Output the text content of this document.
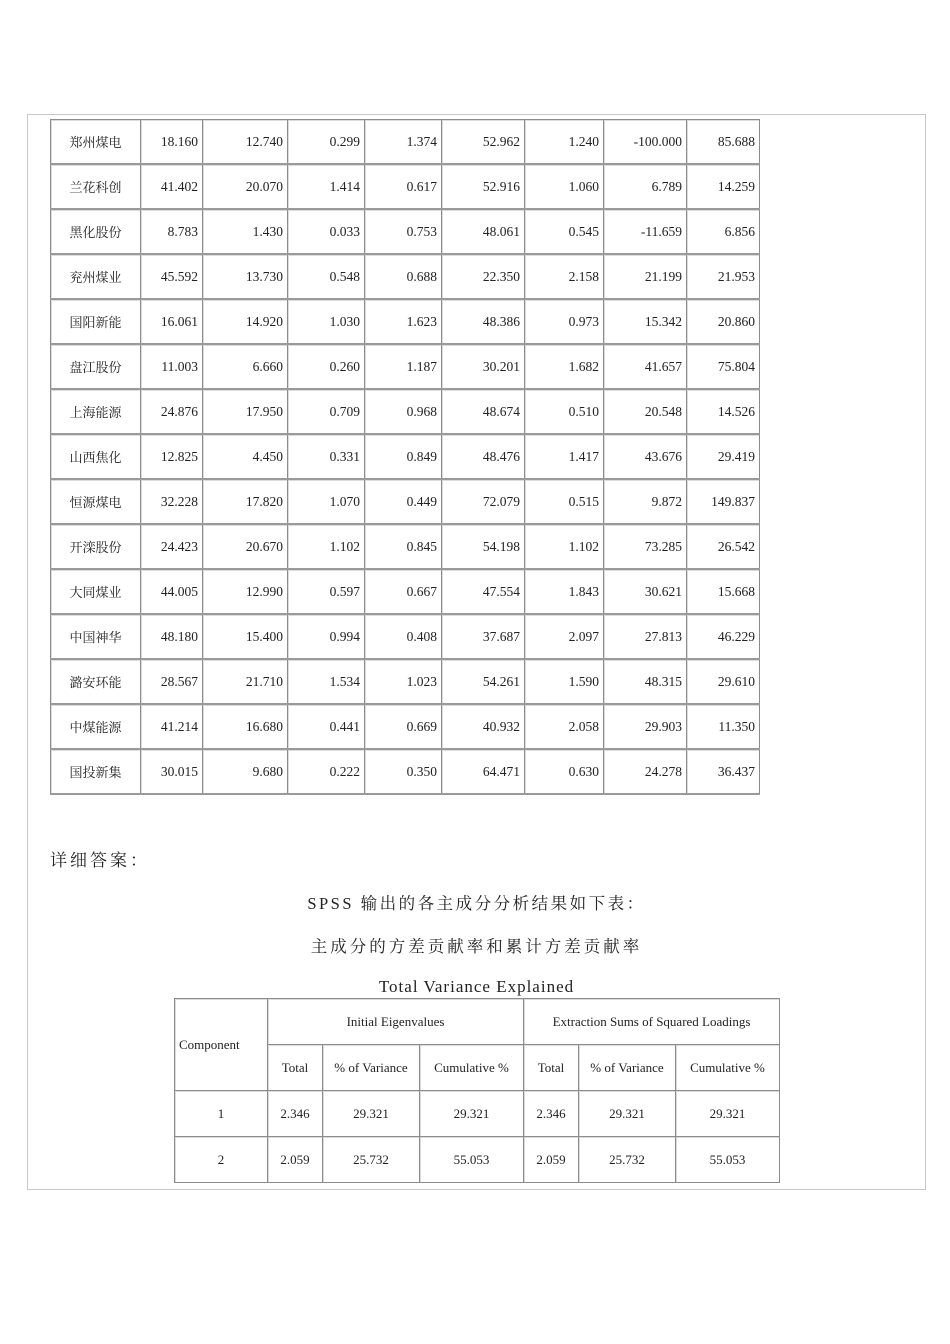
郑州煤电	18.160	12.740	0.299	1.374	52.962	1.240	-100.000	85.688
兰花科创	41.402	20.070	1.414	0.617	52.916	1.060	6.789	14.259
黑化股份	8.783	1.430	0.033	0.753	48.061	0.545	-11.659	6.856
兖州煤业	45.592	13.730	0.548	0.688	22.350	2.158	21.199	21.953
国阳新能	16.061	14.920	1.030	1.623	48.386	0.973	15.342	20.860
盘江股份	11.003	6.660	0.260	1.187	30.201	1.682	41.657	75.804
上海能源	24.876	17.950	0.709	0.968	48.674	0.510	20.548	14.526
山西焦化	12.825	4.450	0.331	0.849	48.476	1.417	43.676	29.419
恒源煤电	32.228	17.820	1.070	0.449	72.079	0.515	9.872	149.837
开滦股份	24.423	20.670	1.102	0.845	54.198	1.102	73.285	26.542
大同煤业	44.005	12.990	0.597	0.667	47.554	1.843	30.621	15.668
中国神华	48.180	15.400	0.994	0.408	37.687	2.097	27.813	46.229
潞安环能	28.567	21.710	1.534	1.023	54.261	1.590	48.315	29.610
中煤能源	41.214	16.680	0.441	0.669	40.932	2.058	29.903	11.350
国投新集	30.015	9.680	0.222	0.350	64.471	0.630	24.278	36.437
详细答案：
SPSS 输出的各主成分分析结果如下表：
主成分的方差贡献率和累计方差贡献率
Total Variance Explained
Component	Initial Eigenvalues			Extraction Sums of Squared Loadings		
	Total	% of Variance	Cumulative %	Total	% of Variance	Cumulative %
1	2.346	29.321	29.321	2.346	29.321	29.321
2	2.059	25.732	55.053	2.059	25.732	55.053
